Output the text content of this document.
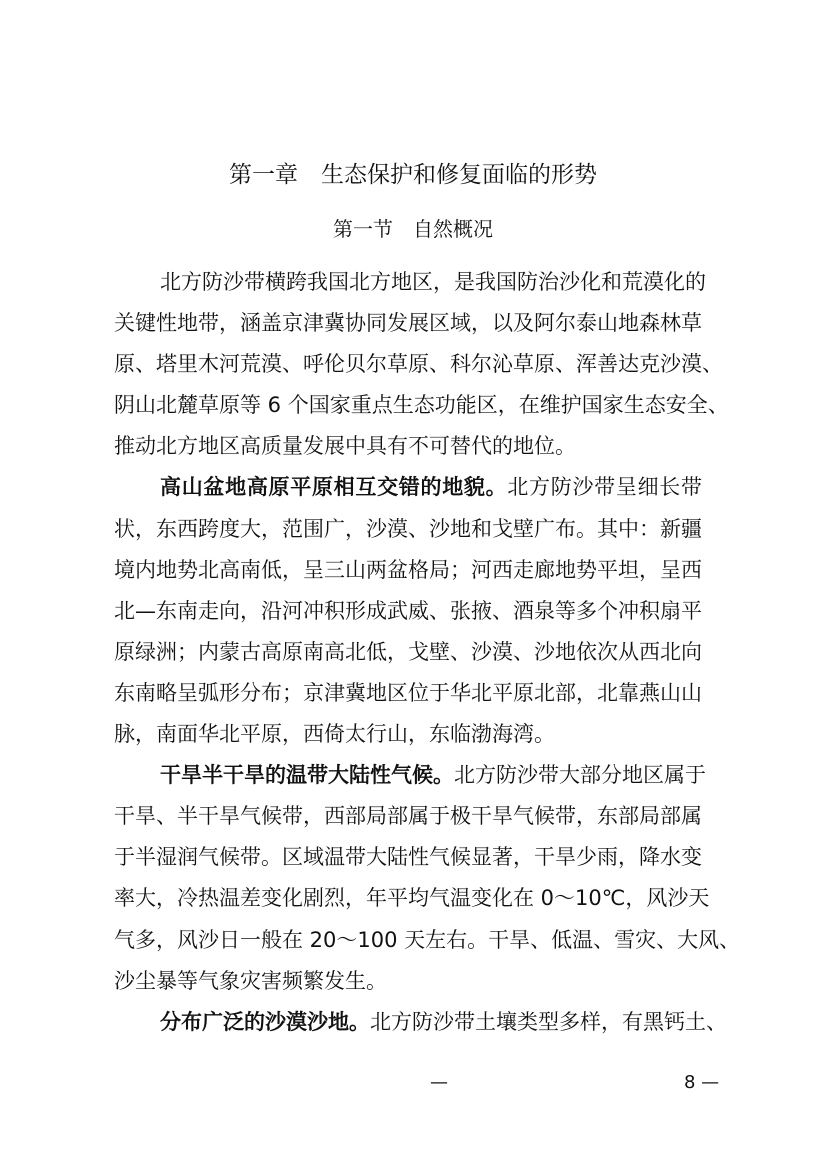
第一章　生态保护和修复面临的形势
第一节　自然概况
北方防沙带横跨我国北方地区，是我国防治沙化和荒漠化的
关键性地带，涵盖京津冀协同发展区域，以及阿尔泰山地森林草
原、塔里木河荒漠、呼伦贝尔草原、科尔沁草原、浑善达克沙漠、
阴山北麓草原等 6 个国家重点生态功能区，在维护国家生态安全、
推动北方地区高质量发展中具有不可替代的地位。
高山盆地高原平原相互交错的地貌。北方防沙带呈细长带
状，东西跨度大，范围广，沙漠、沙地和戈壁广布。其中：新疆
境内地势北高南低，呈三山两盆格局；河西走廊地势平坦，呈西
北—东南走向，沿河冲积形成武威、张掖、酒泉等多个冲积扇平
原绿洲；内蒙古高原南高北低，戈壁、沙漠、沙地依次从西北向
东南略呈弧形分布；京津冀地区位于华北平原北部，北靠燕山山
脉，南面华北平原，西倚太行山，东临渤海湾。
干旱半干旱的温带大陆性气候。北方防沙带大部分地区属于
干旱、半干旱气候带，西部局部属于极干旱气候带，东部局部属
于半湿润气候带。区域温带大陆性气候显著，干旱少雨，降水变
率大，冷热温差变化剧烈，年平均气温变化在 0～10℃，风沙天
气多，风沙日一般在 20～100 天左右。干旱、低温、雪灾、大风、
沙尘暴等气象灾害频繁发生。
分布广泛的沙漠沙地。北方防沙带土壤类型多样，有黑钙土、
—	8 —
